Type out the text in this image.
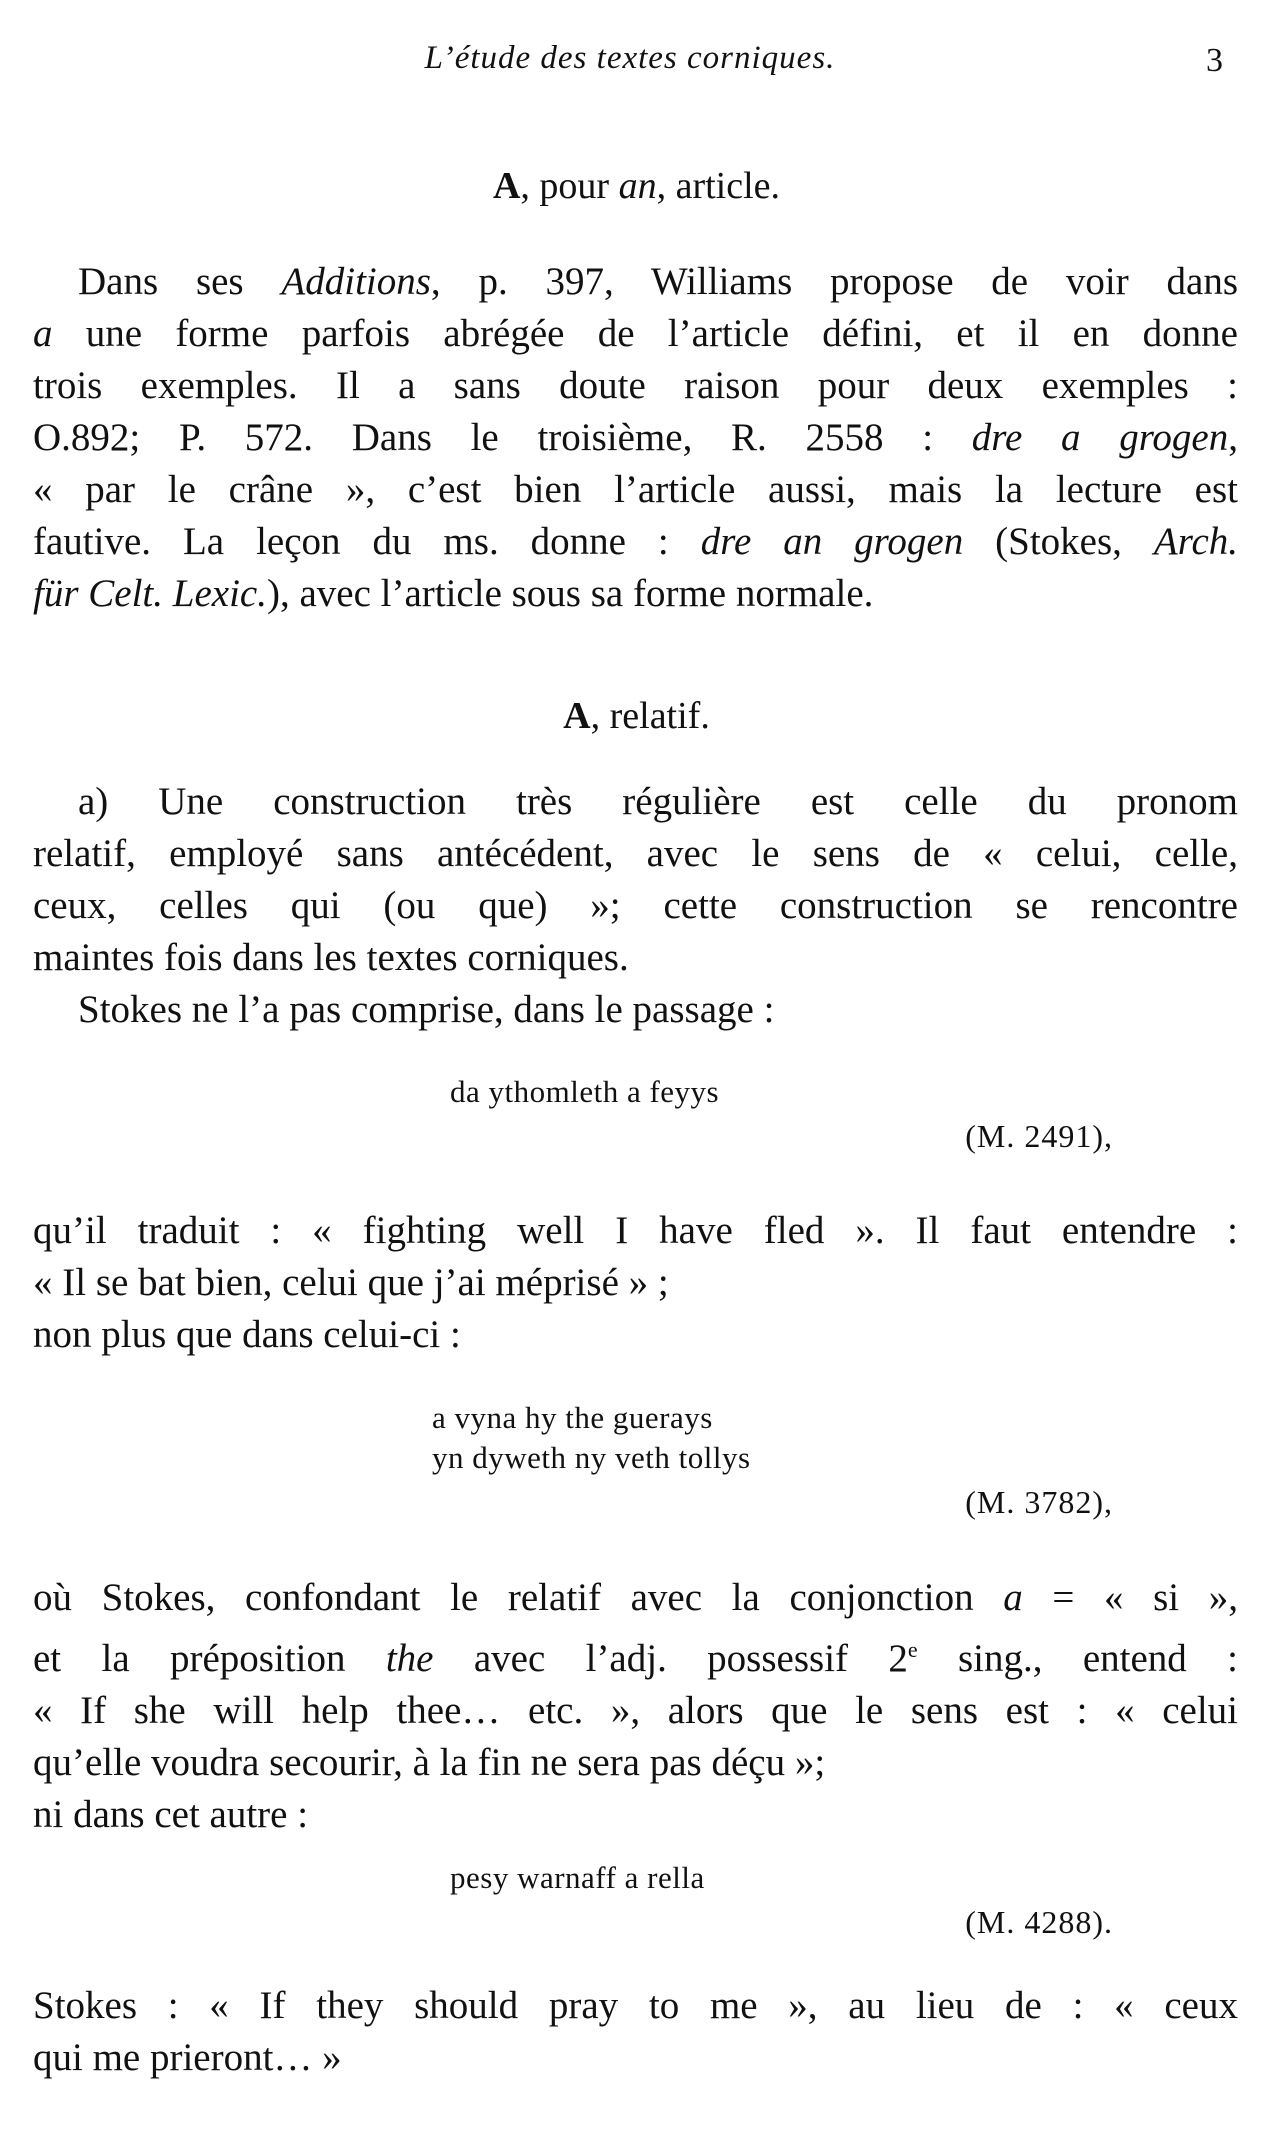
L’étude des textes corniques.	3
A, pour an, article.
Dans ses Additions, p. 397, Williams propose de voir dans
a une forme parfois abrégée de l’article défini, et il en donne
trois exemples. Il a sans doute raison pour deux exemples :
O.892; P. 572. Dans le troisième, R. 2558 : dre a grogen,
« par le crâne », c’est bien l’article aussi, mais la lecture est
fautive. La leçon du ms. donne : dre an grogen (Stokes, Arch.
für Celt. Lexic.), avec l’article sous sa forme normale.
A, relatif.
a) Une construction très régulière est celle du pronom
relatif, employé sans antécédent, avec le sens de « celui, celle,
ceux, celles qui (ou que) »; cette construction se rencontre
maintes fois dans les textes corniques.
Stokes ne l’a pas comprise, dans le passage :
da ythomleth a feyys
(M. 2491),
qu’il traduit : « fighting well I have fled ». Il faut entendre :
« Il se bat bien, celui que j’ai méprisé » ;
non plus que dans celui-ci :
a vyna hy the guerays
yn dyweth ny veth tollys
(M. 3782),
où Stokes, confondant le relatif avec la conjonction a = « si »,
et la préposition the avec l’adj. possessif 2e sing., entend :
« If she will help thee… etc. », alors que le sens est : « celui
qu’elle voudra secourir, à la fin ne sera pas déçu »;
ni dans cet autre :
pesy warnaff a rella
(M. 4288).
Stokes : « If they should pray to me », au lieu de : « ceux
qui me prieront… »
